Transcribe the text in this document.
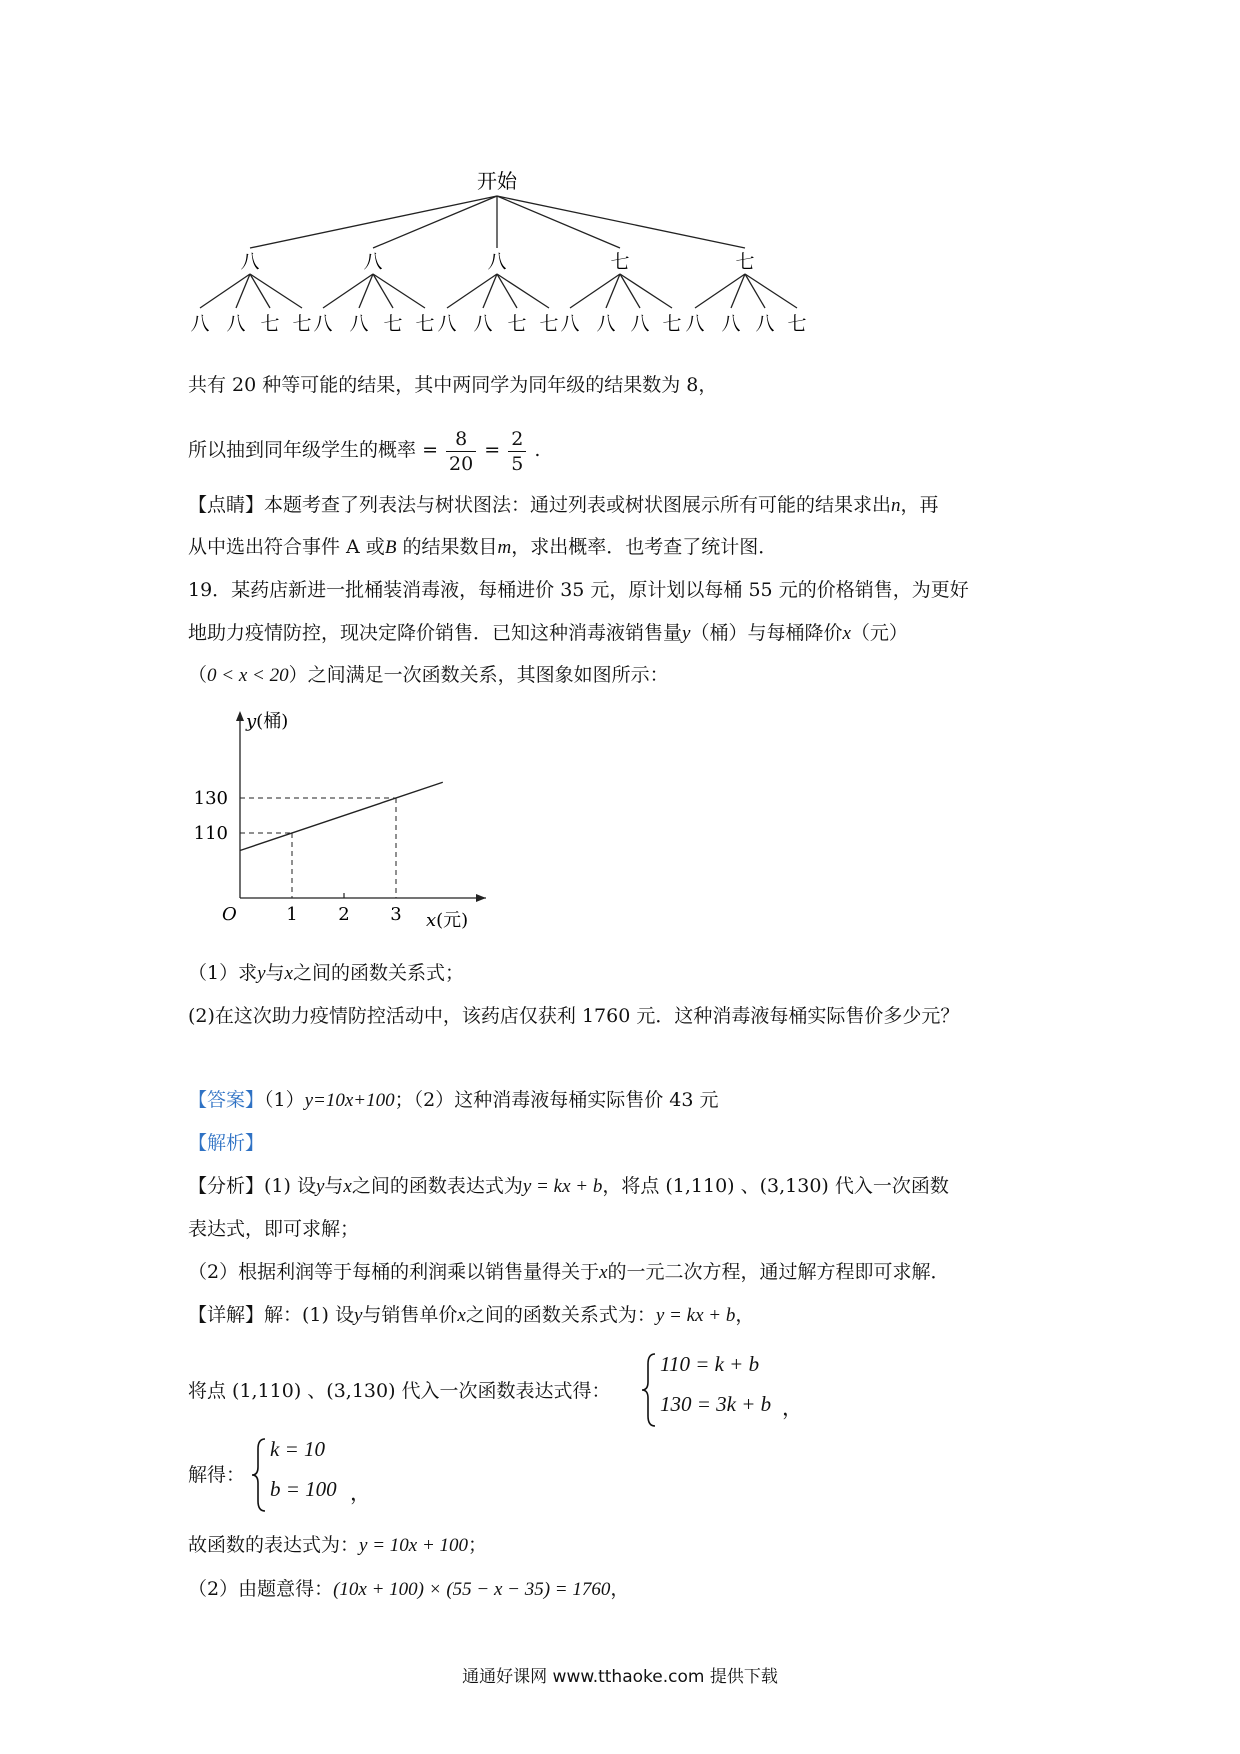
开始
八
八 八 七 七
八
八 八 七 七
八
八 八 七 七
七
八 八 八 七
七
八 八 八 七
共有 20 种等可能的结果，其中两同学为同年级的结果数为 8，
所以抽到同年级学生的概率 = $\frac{8}{20} = \frac{2}{5}$ .
【点睛】本题考查了列表法与树状图法：通过列表或树状图展示所有可能的结果求出n，再
从中选出符合事件 A 或B 的结果数目m，求出概率．也考查了统计图．
19．某药店新进一批桶装消毒液，每桶进价 35 元，原计划以每桶 55 元的价格销售，为更好
地助力疫情防控，现决定降价销售．已知这种消毒液销售量y（桶）与每桶降价x（元）
（0 < x < 20）之间满足一次函数关系，其图象如图所示：
1 2 3
110
130
O
y(桶)
x(元)
（1）求y与x之间的函数关系式；
(2)在这次助力疫情防控活动中，该药店仅获利 1760 元．这种消毒液每桶实际售价多少元？
【答案】（1）y=10x+100；（2）这种消毒液每桶实际售价 43 元
【解析】
【分析】(1) 设y与x之间的函数表达式为y = kx + b，将点 (1,110) 、(3,130) 代入一次函数
表达式，即可求解；
（2）根据利润等于每桶的利润乘以销售量得关于x的一元二次方程，通过解方程即可求解．
【详解】解：(1) 设y与销售单价x之间的函数关系式为：y = kx + b，
将点 (1,110) 、(3,130) 代入一次函数表达式得：
110 = k + b
130 = 3k + b ，
解得：
k = 10
b = 100 ，
故函数的表达式为：y = 10x + 100；
（2）由题意得：(10x + 100) × (55 − x − 35) = 1760，
通通好课网 www.tthaoke.com 提供下载
